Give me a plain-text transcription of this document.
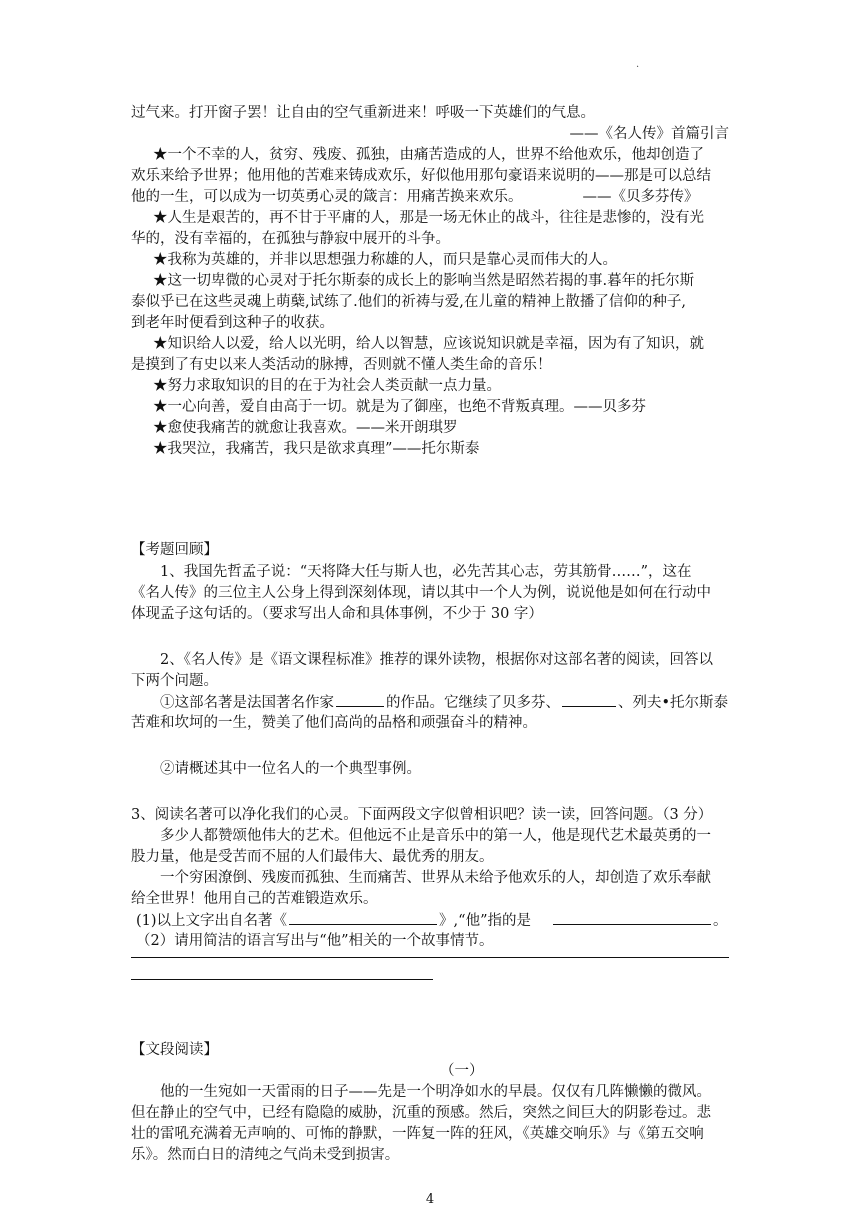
·
过气来。打开窗子罢！让自由的空气重新进来！呼吸一下英雄们的气息。
——《名人传》首篇引言
★一个不幸的人，贫穷、残废、孤独，由痛苦造成的人，世界不给他欢乐，他却创造了
欢乐来给予世界；他用他的苦难来铸成欢乐，好似他用那句豪语来说明的——那是可以总结
他的一生，可以成为一切英勇心灵的箴言：用痛苦换来欢乐。	——《贝多芬传》
★人生是艰苦的，再不甘于平庸的人，那是一场无休止的战斗，往往是悲惨的，没有光
华的，没有幸福的，在孤独与静寂中展开的斗争。
★我称为英雄的，并非以思想强力称雄的人，而只是靠心灵而伟大的人。
★这一切卑微的心灵对于托尔斯泰的成长上的影响当然是昭然若揭的事.暮年的托尔斯
泰似乎已在这些灵魂上萌蘖,试练了.他们的祈祷与爱,在儿童的精神上散播了信仰的种子,
到老年时便看到这种子的收获。
★知识给人以爱，给人以光明，给人以智慧，应该说知识就是幸福，因为有了知识，就
是摸到了有史以来人类活动的脉搏，否则就不懂人类生命的音乐！
★努力求取知识的目的在于为社会人类贡献一点力量。
★一心向善，爱自由高于一切。就是为了御座，也绝不背叛真理。——贝多芬
★愈使我痛苦的就愈让我喜欢。——米开朗琪罗
★我哭泣，我痛苦，我只是欲求真理”——托尔斯泰
【考题回顾】
1、我国先哲孟子说：“天将降大任与斯人也，必先苦其心志，劳其筋骨……”，这在
《名人传》的三位主人公身上得到深刻体现，请以其中一个人为例，说说他是如何在行动中
体现孟子这句话的。（要求写出人命和具体事例，不少于 30 字）
2、《名人传》是《语文课程标准》推荐的课外读物，根据你对这部名著的阅读，回答以
下两个问题。
①这部名著是法国著名作家	的作品。它继续了贝多芬、	、列夫•托尔斯泰
苦难和坎坷的一生，赞美了他们高尚的品格和顽强奋斗的精神。
②请概述其中一位名人的一个典型事例。
3、阅读名著可以净化我们的心灵。下面两段文字似曾相识吧？读一读，回答问题。（3 分）
多少人都赞颂他伟大的艺术。但他远不止是音乐中的第一人，他是现代艺术最英勇的一
股力量，他是受苦而不屈的人们最伟大、最优秀的朋友。
一个穷困潦倒、残废而孤独、生而痛苦、世界从未给予他欢乐的人，却创造了欢乐奉献
给全世界！他用自己的苦难锻造欢乐。
(1)以上文字出自名著《	》,“他”指的是	。
（2）请用简洁的语言写出与“他”相关的一个故事情节。
【文段阅读】
（一）
他的一生宛如一天雷雨的日子——先是一个明净如水的早晨。仅仅有几阵懒懒的微风。
但在静止的空气中，已经有隐隐的威胁，沉重的预感。然后，突然之间巨大的阴影卷过。悲
壮的雷吼充满着无声响的、可怖的静默，一阵复一阵的狂风，《英雄交响乐》与《第五交响
乐》。然而白日的清纯之气尚未受到损害。
4
